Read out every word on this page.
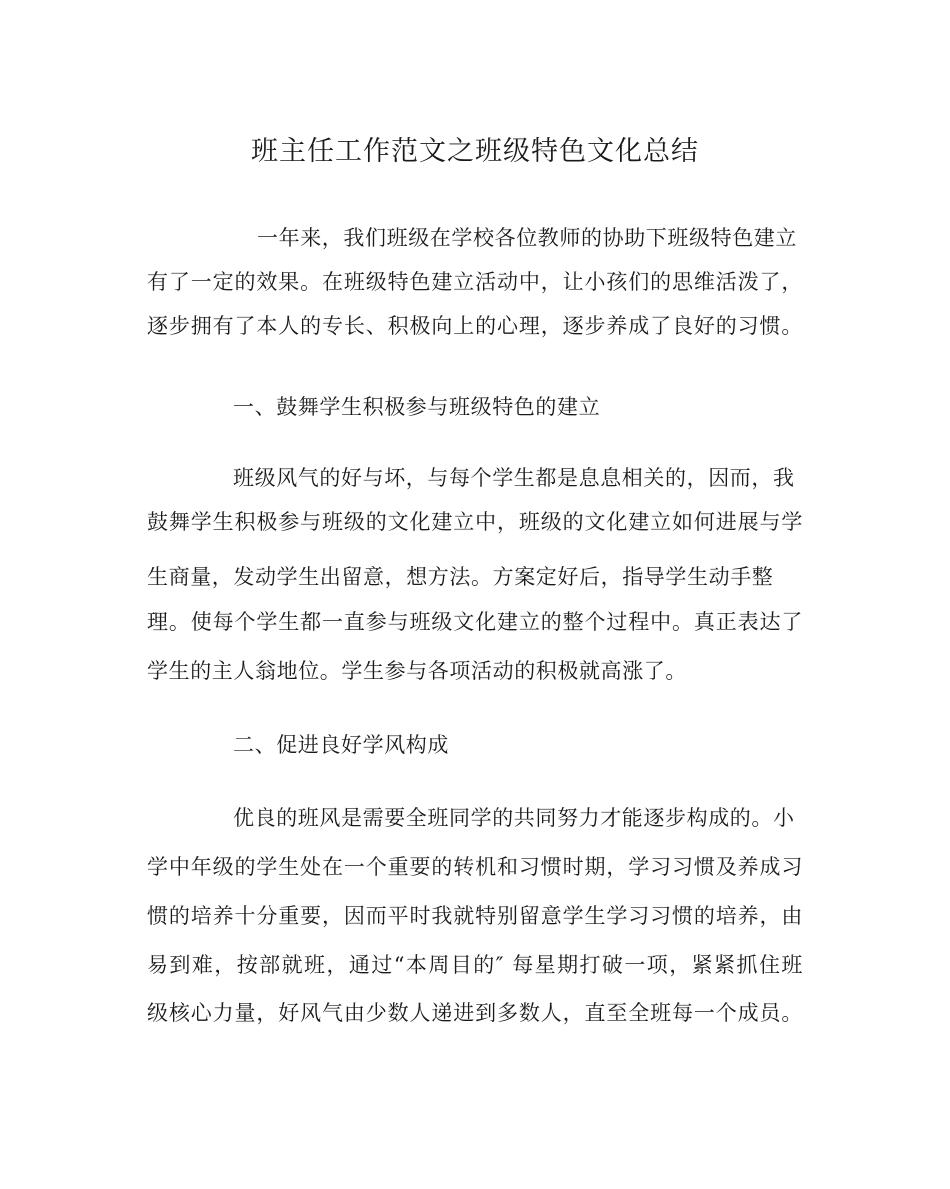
班主任工作范文之班级特色文化总结
一年来，我们班级在学校各位教师的协助下班级特色建立
有了一定的效果。在班级特色建立活动中，让小孩们的思维活泼了，
逐步拥有了本人的专长、积极向上的心理，逐步养成了良好的习惯。
一、鼓舞学生积极参与班级特色的建立
班级风气的好与坏，与每个学生都是息息相关的，因而，我
鼓舞学生积极参与班级的文化建立中，班级的文化建立如何进展与学
生商量，发动学生出留意，想方法。方案定好后，指导学生动手整
理。使每个学生都一直参与班级文化建立的整个过程中。真正表达了
学生的主人翁地位。学生参与各项活动的积极就高涨了。
二、促进良好学风构成
优良的班风是需要全班同学的共同努力才能逐步构成的。小
学中年级的学生处在一个重要的转机和习惯时期，学习习惯及养成习
惯的培养十分重要，因而平时我就特别留意学生学习习惯的培养，由
易到难，按部就班，通过“本周目的″ 每星期打破一项，紧紧抓住班
级核心力量，好风气由少数人递进到多数人，直至全班每一个成员。
